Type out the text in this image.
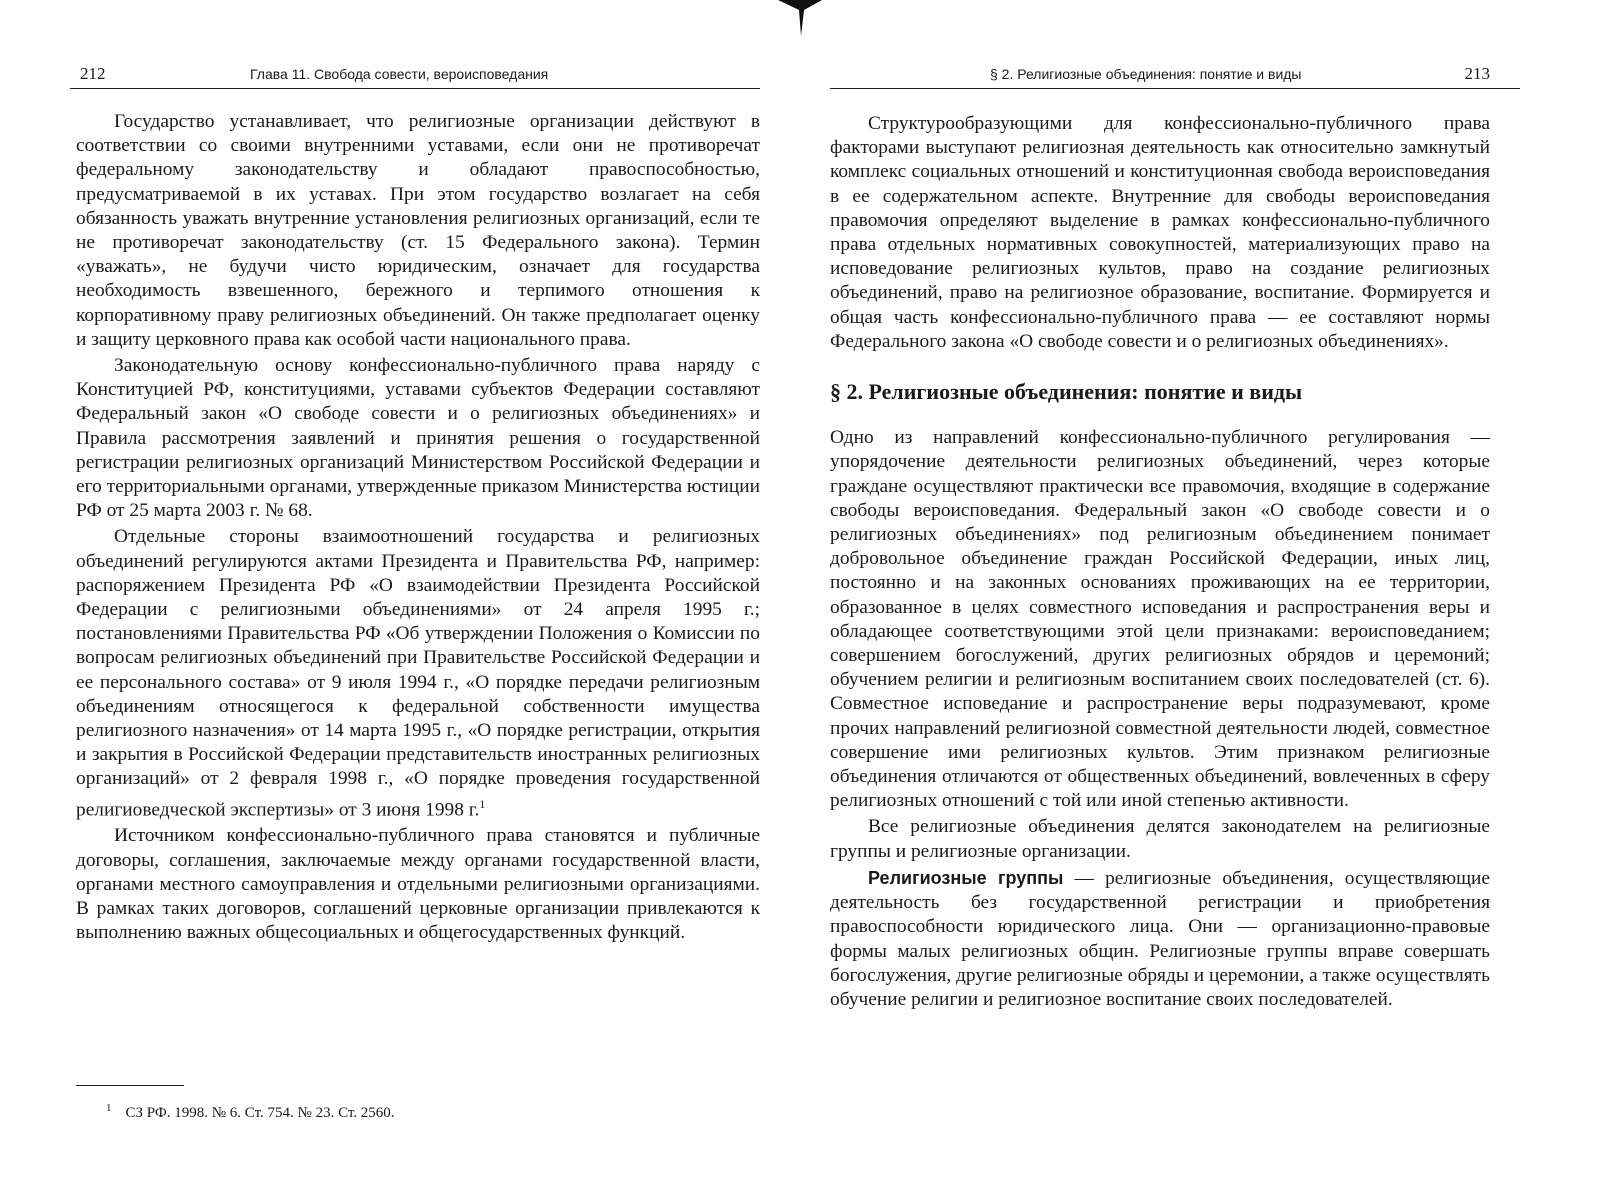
212	Глава 11. Свобода совести, вероисповедания

Государство устанавливает, что религиозные организации действуют в соответствии со своими внутренними уставами, если они не противоречат федеральному законодательству и обладают правоспособностью, предусматриваемой в их уставах. При этом государство возлагает на себя обязанность уважать внутренние установления религиозных организаций, если те не противоречат законодательству (ст. 15 Федерального закона). Термин «уважать», не будучи чисто юридическим, означает для государства необходимость взвешенного, бережного и терпимого отношения к корпоративному праву религиозных объединений. Он также предполагает оценку и защиту церковного права как особой части национального права.

Законодательную основу конфессионально-публичного права наряду с Конституцией РФ, конституциями, уставами субъектов Федерации составляют Федеральный закон «О свободе совести и о религиозных объединениях» и Правила рассмотрения заявлений и принятия решения о государственной регистрации религиозных организаций Министерством Российской Федерации и его территориальными органами, утвержденные приказом Министерства юстиции РФ от 25 марта 2003 г. № 68.

Отдельные стороны взаимоотношений государства и религиозных объединений регулируются актами Президента и Правительства РФ, например: распоряжением Президента РФ «О взаимодействии Президента Российской Федерации с религиозными объединениями» от 24 апреля 1995 г.; постановлениями Правительства РФ «Об утверждении Положения о Комиссии по вопросам религиозных объединений при Правительстве Российской Федерации и ее персонального состава» от 9 июля 1994 г., «О порядке передачи религиозным объединениям относящегося к федеральной собственности имущества религиозного назначения» от 14 марта 1995 г., «О порядке регистрации, открытия и закрытия в Российской Федерации представительств иностранных религиозных организаций» от 2 февраля 1998 г., «О порядке проведения государственной религиоведческой экспертизы» от 3 июня 1998 г.$^1$

Источником конфессионально-публичного права становятся и публичные договоры, соглашения, заключаемые между органами государственной власти, органами местного самоуправления и отдельными религиозными организациями. В рамках таких договоров, соглашений церковные организации привлекаются к выполнению важных общесоциальных и общегосударственных функций.

$^1$ СЗ РФ. 1998. № 6. Ст. 754. № 23. Ст. 2560.
§ 2. Религиозные объединения: понятие и виды	213

Структурообразующими для конфессионально-публичного права факторами выступают религиозная деятельность как относительно замкнутый комплекс социальных отношений и конституционная свобода вероисповедания в ее содержательном аспекте. Внутренние для свободы вероисповедания правомочия определяют выделение в рамках конфессионально-публичного права отдельных нормативных совокупностей, материализующих право на исповедование религиозных культов, право на создание религиозных объединений, право на религиозное образование, воспитание. Формируется и общая часть конфессионально-публичного права — ее составляют нормы Федерального закона «О свободе совести и о религиозных объединениях».

§ 2. Религиозные объединения: понятие и виды

Одно из направлений конфессионально-публичного регулирования — упорядочение деятельности религиозных объединений, через которые граждане осуществляют практически все правомочия, входящие в содержание свободы вероисповедания. Федеральный закон «О свободе совести и о религиозных объединениях» под религиозным объединением понимает добровольное объединение граждан Российской Федерации, иных лиц, постоянно и на законных основаниях проживающих на ее территории, образованное в целях совместного исповедания и распространения веры и обладающее соответствующими этой цели признаками: вероисповеданием; совершением богослужений, других религиозных обрядов и церемоний; обучением религии и религиозным воспитанием своих последователей (ст. 6). Совместное исповедание и распространение веры подразумевают, кроме прочих направлений религиозной совместной деятельности людей, совместное совершение ими религиозных культов. Этим признаком религиозные объединения отличаются от общественных объединений, вовлеченных в сферу религиозных отношений с той или иной степенью активности.

Все религиозные объединения делятся законодателем на религиозные группы и религиозные организации.

Религиозные группы — религиозные объединения, осуществляющие деятельность без государственной регистрации и приобретения правоспособности юридического лица. Они — организационно-правовые формы малых религиозных общин. Религиозные группы вправе совершать богослужения, другие религиозные обряды и церемонии, а также осуществлять обучение религии и религиозное воспитание своих последователей.
